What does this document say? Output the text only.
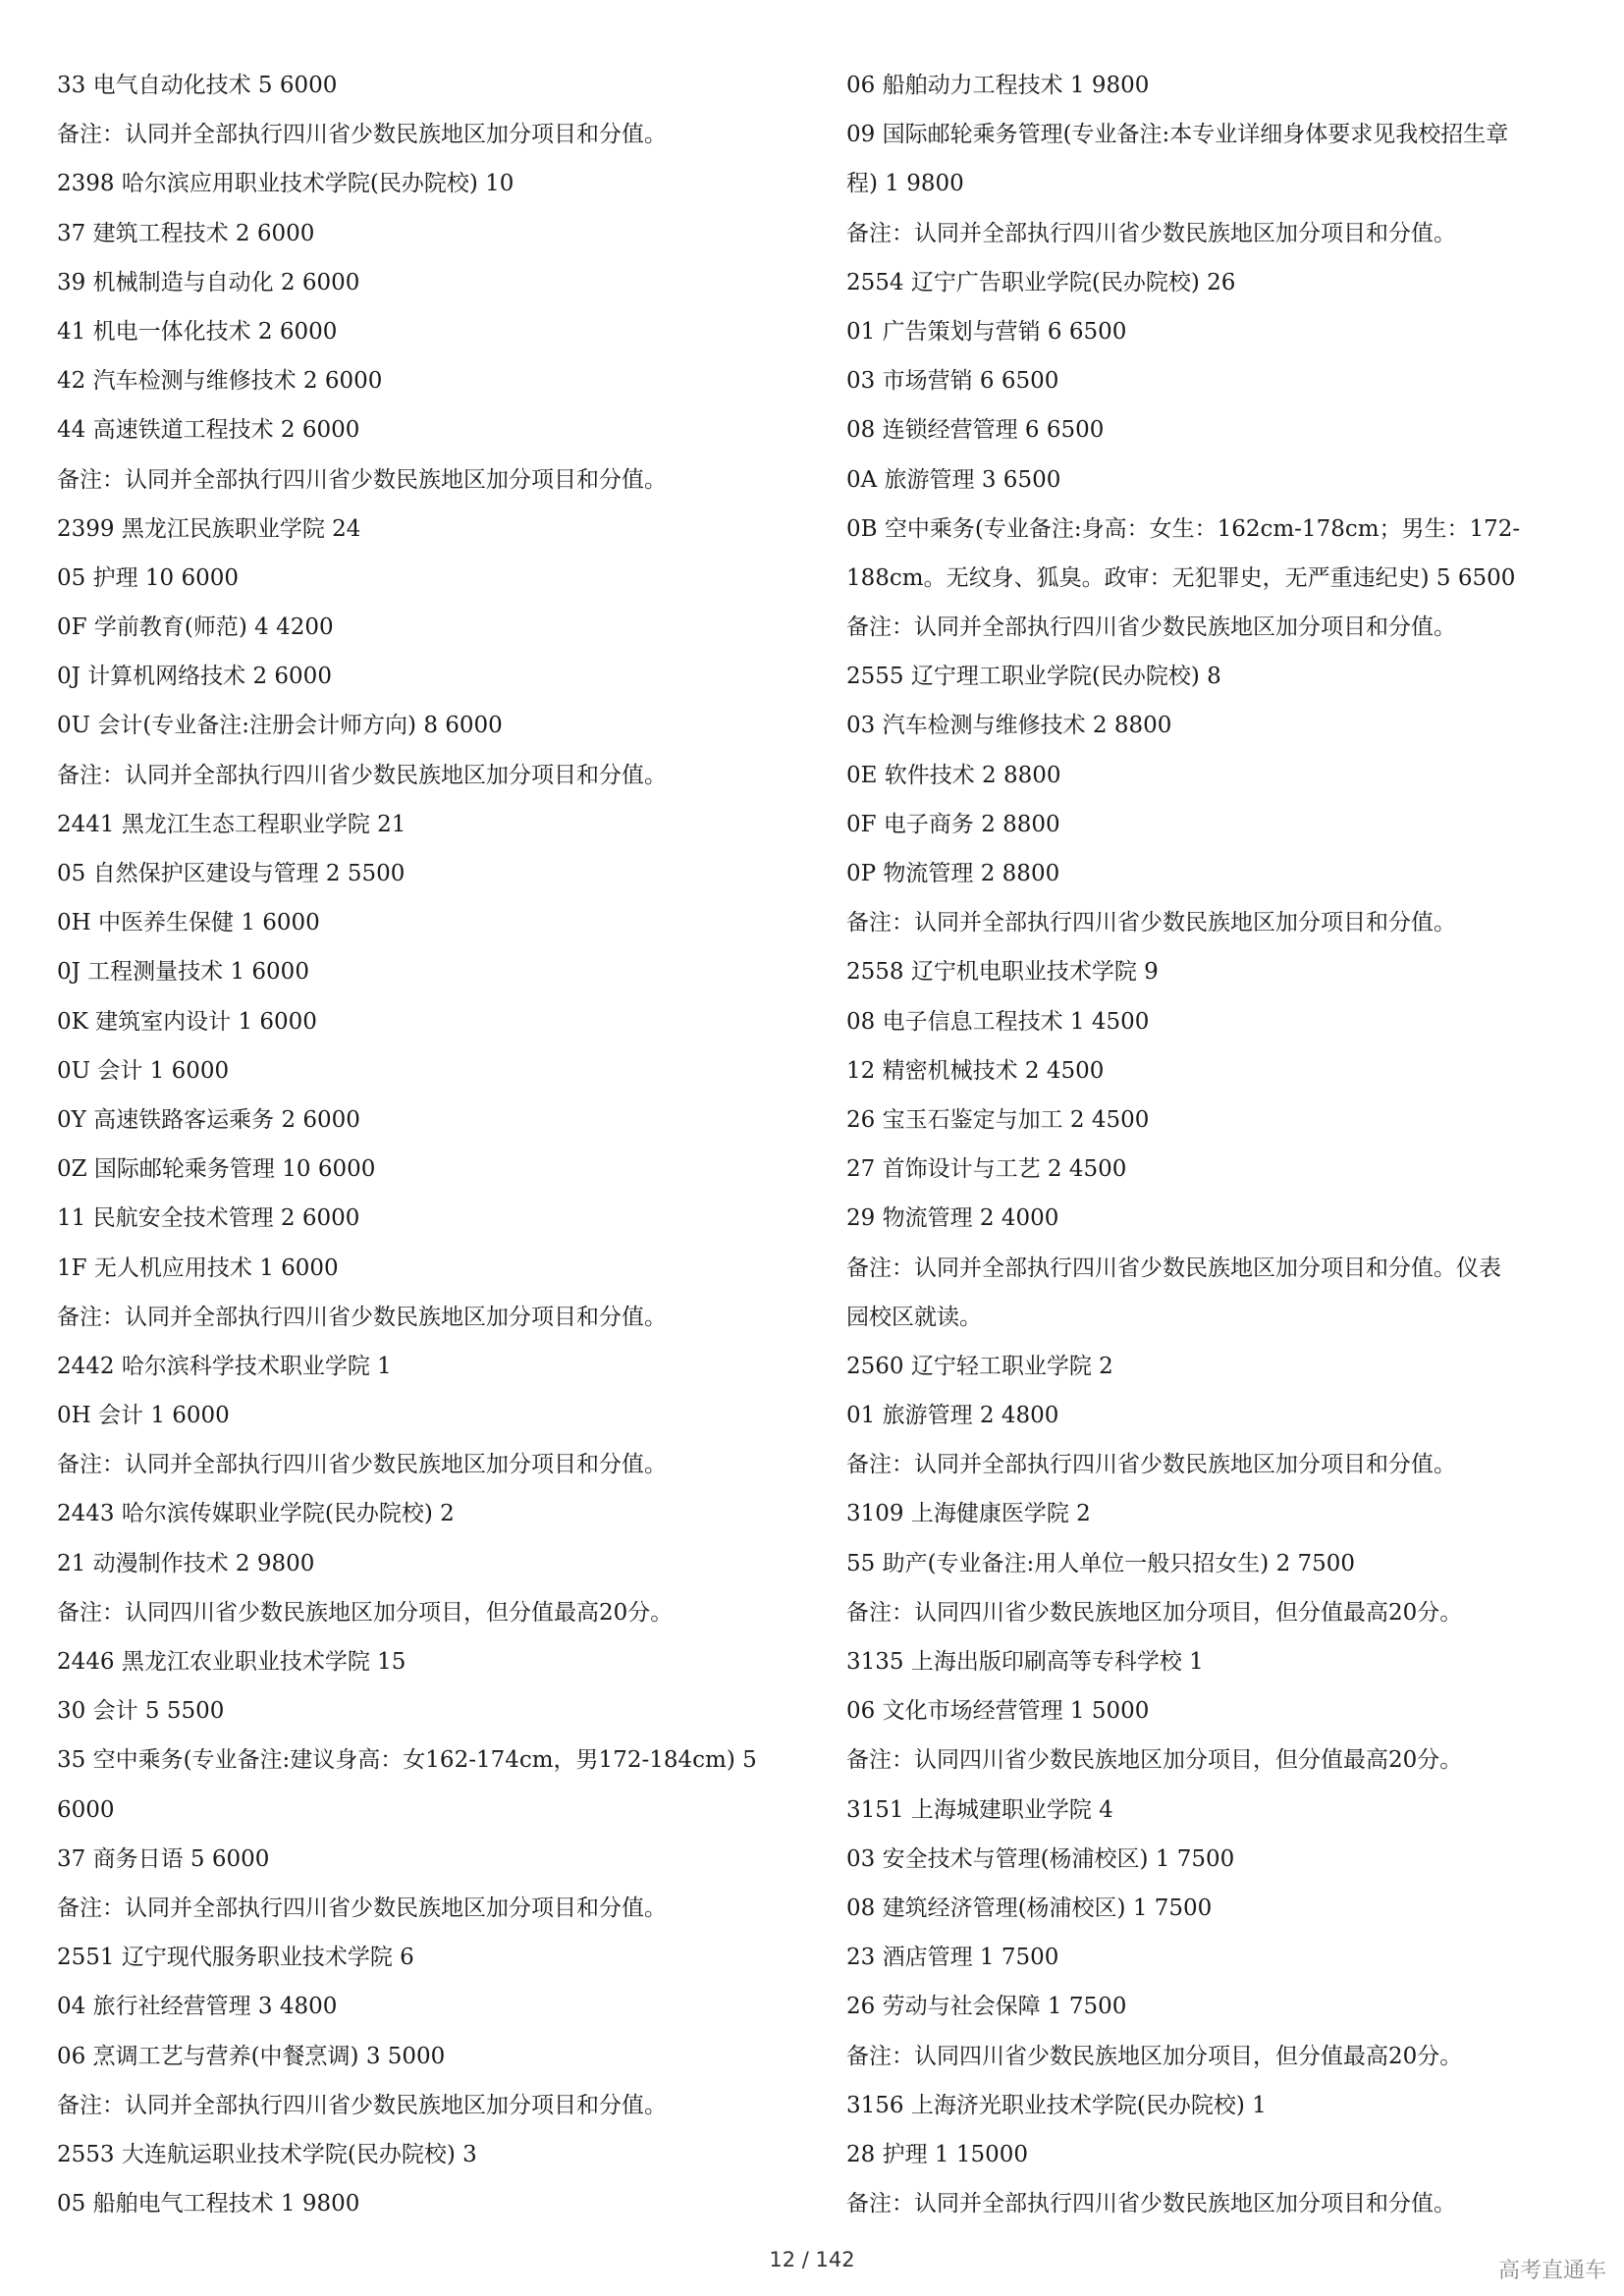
33 电气自动化技术 5 6000
备注：认同并全部执行四川省少数民族地区加分项目和分值。
2398 哈尔滨应用职业技术学院(民办院校) 10
37 建筑工程技术 2 6000
39 机械制造与自动化 2 6000
41 机电一体化技术 2 6000
42 汽车检测与维修技术 2 6000
44 高速铁道工程技术 2 6000
备注：认同并全部执行四川省少数民族地区加分项目和分值。
2399 黑龙江民族职业学院 24
05 护理 10 6000
0F 学前教育(师范) 4 4200
0J 计算机网络技术 2 6000
0U 会计(专业备注:注册会计师方向) 8 6000
备注：认同并全部执行四川省少数民族地区加分项目和分值。
2441 黑龙江生态工程职业学院 21
05 自然保护区建设与管理 2 5500
0H 中医养生保健 1 6000
0J 工程测量技术 1 6000
0K 建筑室内设计 1 6000
0U 会计 1 6000
0Y 高速铁路客运乘务 2 6000
0Z 国际邮轮乘务管理 10 6000
11 民航安全技术管理 2 6000
1F 无人机应用技术 1 6000
备注：认同并全部执行四川省少数民族地区加分项目和分值。
2442 哈尔滨科学技术职业学院 1
0H 会计 1 6000
备注：认同并全部执行四川省少数民族地区加分项目和分值。
2443 哈尔滨传媒职业学院(民办院校) 2
21 动漫制作技术 2 9800
备注：认同四川省少数民族地区加分项目，但分值最高20分。
2446 黑龙江农业职业技术学院 15
30 会计 5 5500
35 空中乘务(专业备注:建议身高：女162-174cm，男172-184cm) 5
6000
37 商务日语 5 6000
备注：认同并全部执行四川省少数民族地区加分项目和分值。
2551 辽宁现代服务职业技术学院 6
04 旅行社经营管理 3 4800
06 烹调工艺与营养(中餐烹调) 3 5000
备注：认同并全部执行四川省少数民族地区加分项目和分值。
2553 大连航运职业技术学院(民办院校) 3
05 船舶电气工程技术 1 9800
06 船舶动力工程技术 1 9800
09 国际邮轮乘务管理(专业备注:本专业详细身体要求见我校招生章
程) 1 9800
备注：认同并全部执行四川省少数民族地区加分项目和分值。
2554 辽宁广告职业学院(民办院校) 26
01 广告策划与营销 6 6500
03 市场营销 6 6500
08 连锁经营管理 6 6500
0A 旅游管理 3 6500
0B 空中乘务(专业备注:身高：女生：162cm-178cm；男生：172-
188cm。无纹身、狐臭。政审：无犯罪史，无严重违纪史) 5 6500
备注：认同并全部执行四川省少数民族地区加分项目和分值。
2555 辽宁理工职业学院(民办院校) 8
03 汽车检测与维修技术 2 8800
0E 软件技术 2 8800
0F 电子商务 2 8800
0P 物流管理 2 8800
备注：认同并全部执行四川省少数民族地区加分项目和分值。
2558 辽宁机电职业技术学院 9
08 电子信息工程技术 1 4500
12 精密机械技术 2 4500
26 宝玉石鉴定与加工 2 4500
27 首饰设计与工艺 2 4500
29 物流管理 2 4000
备注：认同并全部执行四川省少数民族地区加分项目和分值。仪表
园校区就读。
2560 辽宁轻工职业学院 2
01 旅游管理 2 4800
备注：认同并全部执行四川省少数民族地区加分项目和分值。
3109 上海健康医学院 2
55 助产(专业备注:用人单位一般只招女生) 2 7500
备注：认同四川省少数民族地区加分项目，但分值最高20分。
3135 上海出版印刷高等专科学校 1
06 文化市场经营管理 1 5000
备注：认同四川省少数民族地区加分项目，但分值最高20分。
3151 上海城建职业学院 4
03 安全技术与管理(杨浦校区) 1 7500
08 建筑经济管理(杨浦校区) 1 7500
23 酒店管理 1 7500
26 劳动与社会保障 1 7500
备注：认同四川省少数民族地区加分项目，但分值最高20分。
3156 上海济光职业技术学院(民办院校) 1
28 护理 1 15000
备注：认同并全部执行四川省少数民族地区加分项目和分值。
12 / 142	高考直通车
